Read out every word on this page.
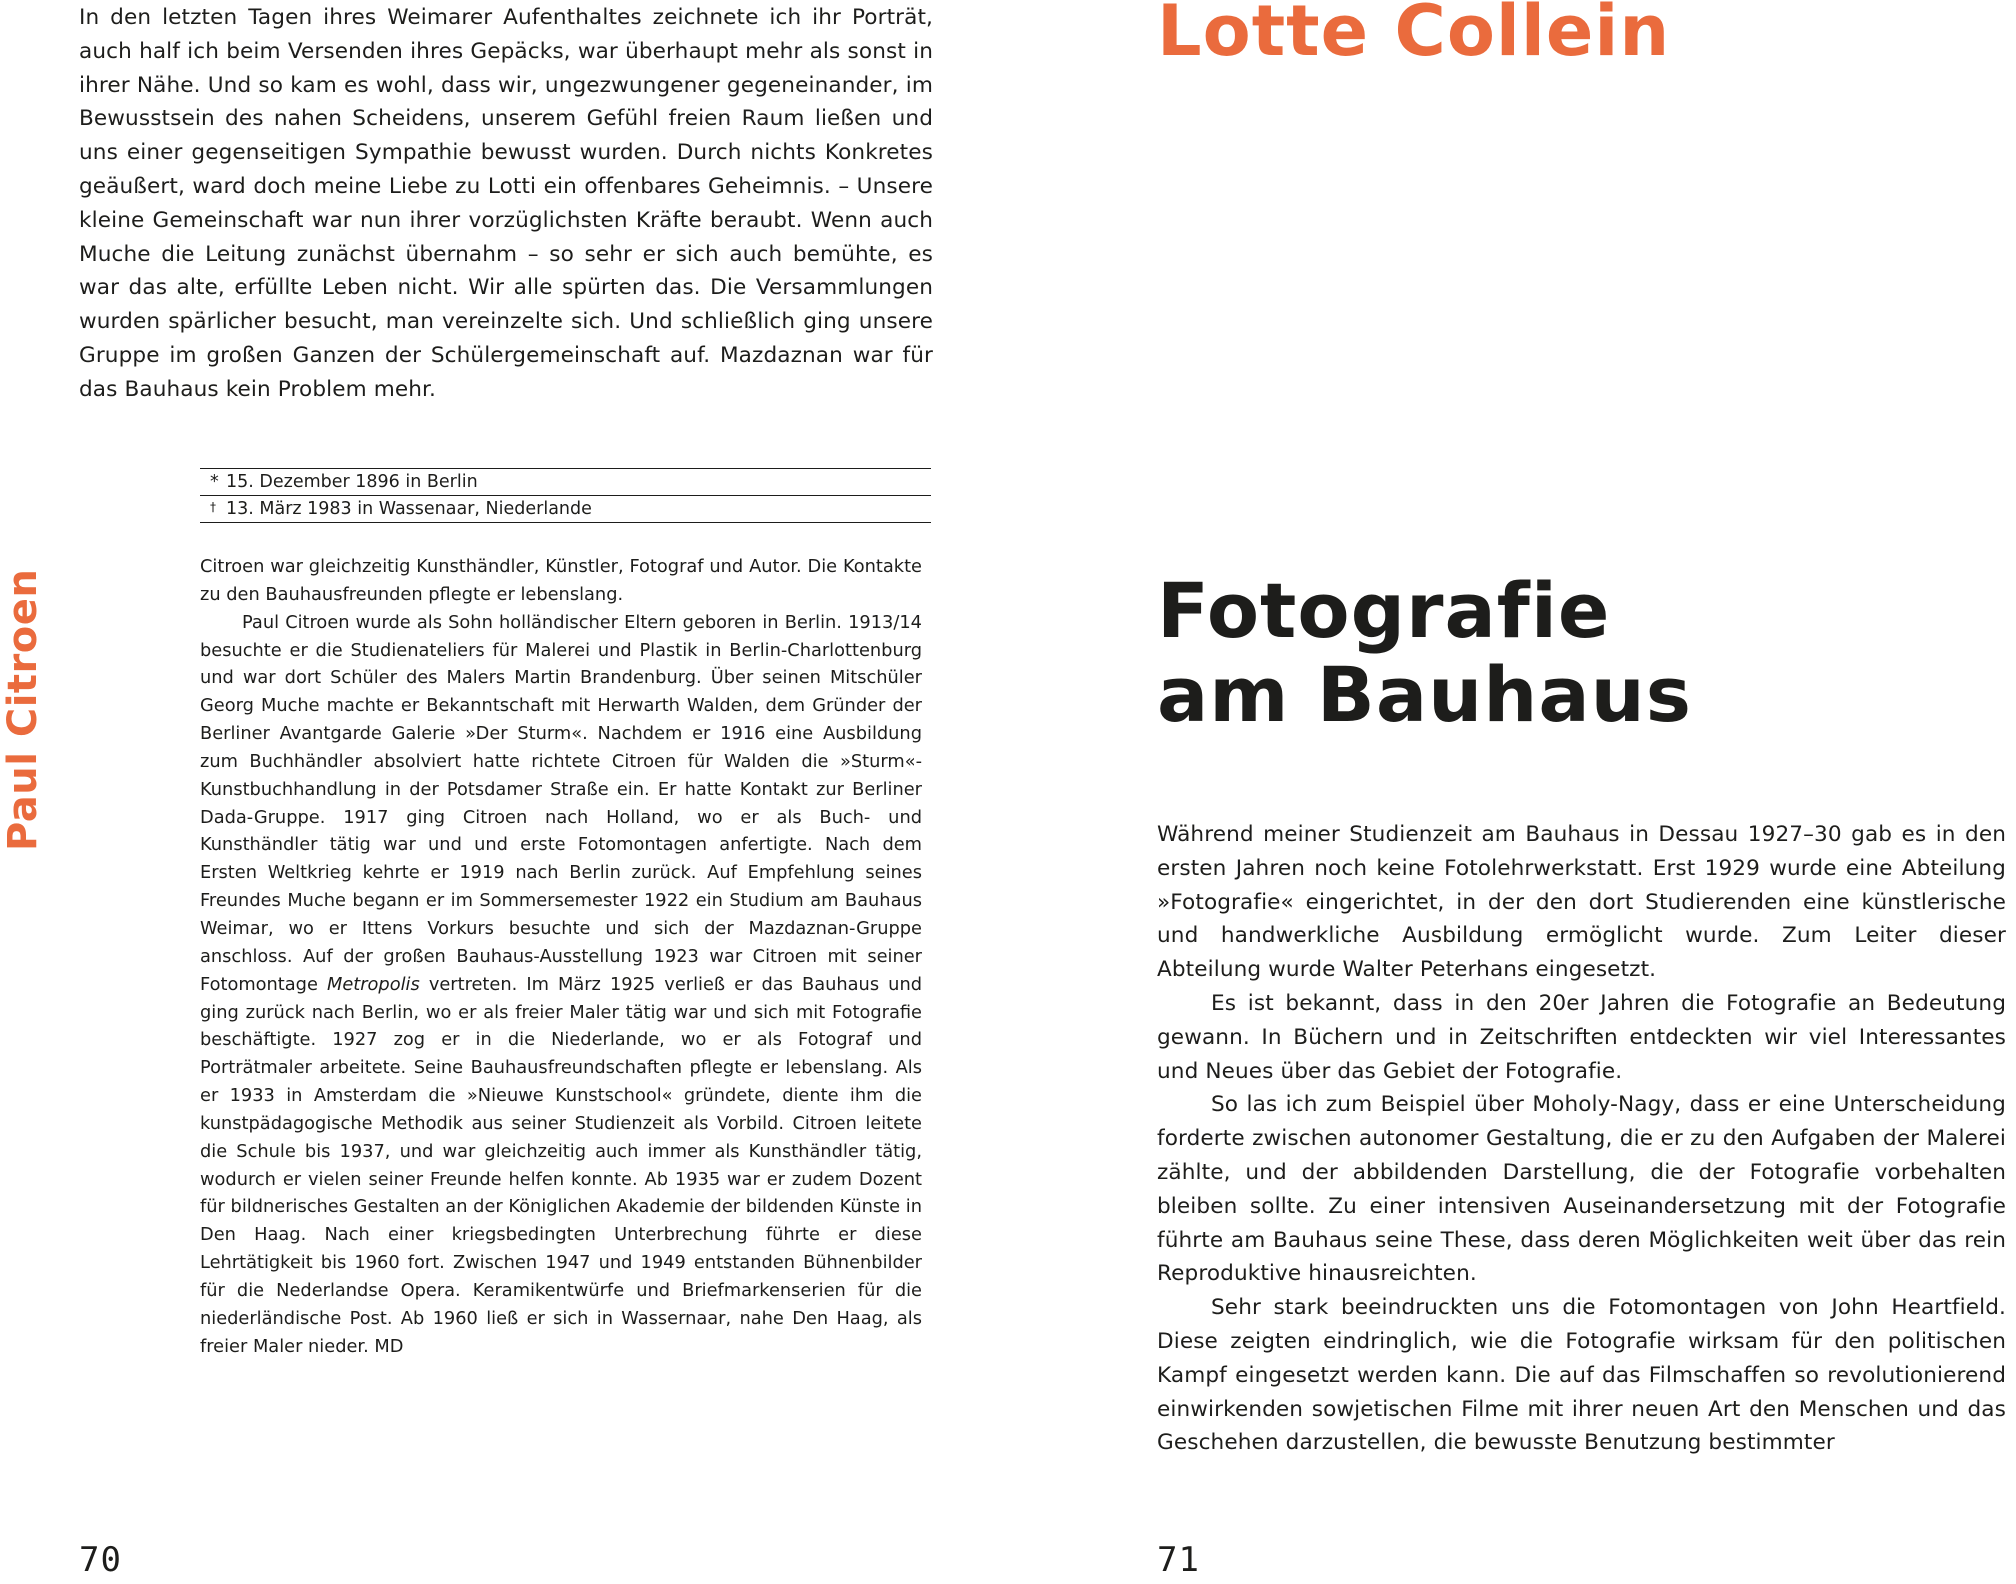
In den letzten Tagen ihres Weimarer Aufenthaltes zeichnete ich ihr Porträt, auch half ich beim Versenden ihres Gepäcks, war überhaupt mehr als sonst in ihrer Nähe. Und so kam es wohl, dass wir, ungezwungener gegeneinander, im Bewusstsein des nahen Scheidens, unserem Gefühl freien Raum ließen und uns einer gegenseitigen Sympathie bewusst wurden. Durch nichts Konkretes geäußert, ward doch meine Liebe zu Lotti ein offenbares Geheimnis. – Unsere kleine Gemeinschaft war nun ihrer vorzüglichsten Kräfte beraubt. Wenn auch Muche die Leitung zunächst übernahm – so sehr er sich auch bemühte, es war das alte, erfüllte Leben nicht. Wir alle spürten das. Die Versammlungen wurden spärlicher besucht, man vereinzelte sich. Und schließlich ging unsere Gruppe im großen Ganzen der Schülergemeinschaft auf. Mazdaznan war für das Bauhaus kein Problem mehr.

Paul Citroen
* 15. Dezember 1896 in Berlin
† 13. März 1983 in Wassenaar, Niederlande

Citroen war gleichzeitig Kunsthändler, Künstler, Fotograf und Autor. Die Kontakte zu den Bauhausfreunden pflegte er lebenslang.

Paul Citroen wurde als Sohn holländischer Eltern geboren in Berlin. 1913/14 besuchte er die Studienateliers für Malerei und Plastik in Berlin-Charlottenburg und war dort Schüler des Malers Martin Brandenburg. Über seinen Mitschüler Georg Muche machte er Bekanntschaft mit Herwarth Walden, dem Gründer der Berliner Avantgarde Galerie »Der Sturm«. Nachdem er 1916 eine Ausbildung zum Buchhändler absolviert hatte richtete Citroen für Walden die »Sturm«-Kunstbuchhandlung in der Potsdamer Straße ein. Er hatte Kontakt zur Berliner Dada-Gruppe. 1917 ging Citroen nach Holland, wo er als Buch- und Kunsthändler tätig war und und erste Fotomontagen anfertigte. Nach dem Ersten Weltkrieg kehrte er 1919 nach Berlin zurück. Auf Empfehlung seines Freundes Muche begann er im Sommersemester 1922 ein Studium am Bauhaus Weimar, wo er Ittens Vorkurs besuchte und sich der Mazdaznan-Gruppe anschloss. Auf der großen Bauhaus-Ausstellung 1923 war Citroen mit seiner Fotomontage Metropolis vertreten. Im März 1925 verließ er das Bauhaus und ging zurück nach Berlin, wo er als freier Maler tätig war und sich mit Fotografie beschäftigte. 1927 zog er in die Niederlande, wo er als Fotograf und Porträtmaler arbeitete. Seine Bauhausfreundschaften pflegte er lebenslang. Als er 1933 in Amsterdam die »Nieuwe Kunstschool« gründete, diente ihm die kunstpädagogische Methodik aus seiner Studienzeit als Vorbild. Citroen leitete die Schule bis 1937, und war gleichzeitig auch immer als Kunsthändler tätig, wodurch er vielen seiner Freunde helfen konnte. Ab 1935 war er zudem Dozent für bildnerisches Gestalten an der Königlichen Akademie der bildenden Künste in Den Haag. Nach einer kriegsbedingten Unterbrechung führte er diese Lehrtätigkeit bis 1960 fort. Zwischen 1947 und 1949 entstanden Bühnenbilder für die Nederlandse Opera. Keramikentwürfe und Briefmarkenserien für die niederländische Post. Ab 1960 ließ er sich in Wassernaar, nahe Den Haag, als freier Maler nieder. MD

70
Lotte Collein
Fotografie
am Bauhaus

Während meiner Studienzeit am Bauhaus in Dessau 1927–30 gab es in den ersten Jahren noch keine Fotolehrwerkstatt. Erst 1929 wurde eine Abteilung »Fotografie« eingerichtet, in der den dort Studierenden eine künstlerische und handwerkliche Ausbildung ermöglicht wurde. Zum Leiter dieser Abteilung wurde Walter Peterhans eingesetzt.

Es ist bekannt, dass in den 20er Jahren die Fotografie an Bedeutung gewann. In Büchern und in Zeitschriften entdeckten wir viel Interessantes und Neues über das Gebiet der Fotografie.

So las ich zum Beispiel über Moholy-Nagy, dass er eine Unterscheidung forderte zwischen autonomer Gestaltung, die er zu den Aufgaben der Malerei zählte, und der abbildenden Darstellung, die der Fotografie vorbehalten bleiben sollte. Zu einer intensiven Auseinandersetzung mit der Fotografie führte am Bauhaus seine These, dass deren Möglichkeiten weit über das rein Reproduktive hinausreichten.

Sehr stark beeindruckten uns die Fotomontagen von John Heartfield. Diese zeigten eindringlich, wie die Fotografie wirksam für den politischen Kampf eingesetzt werden kann. Die auf das Filmschaffen so revolutionierend einwirkenden sowjetischen Filme mit ihrer neuen Art den Menschen und das Geschehen darzustellen, die bewusste Benutzung bestimmter

71
